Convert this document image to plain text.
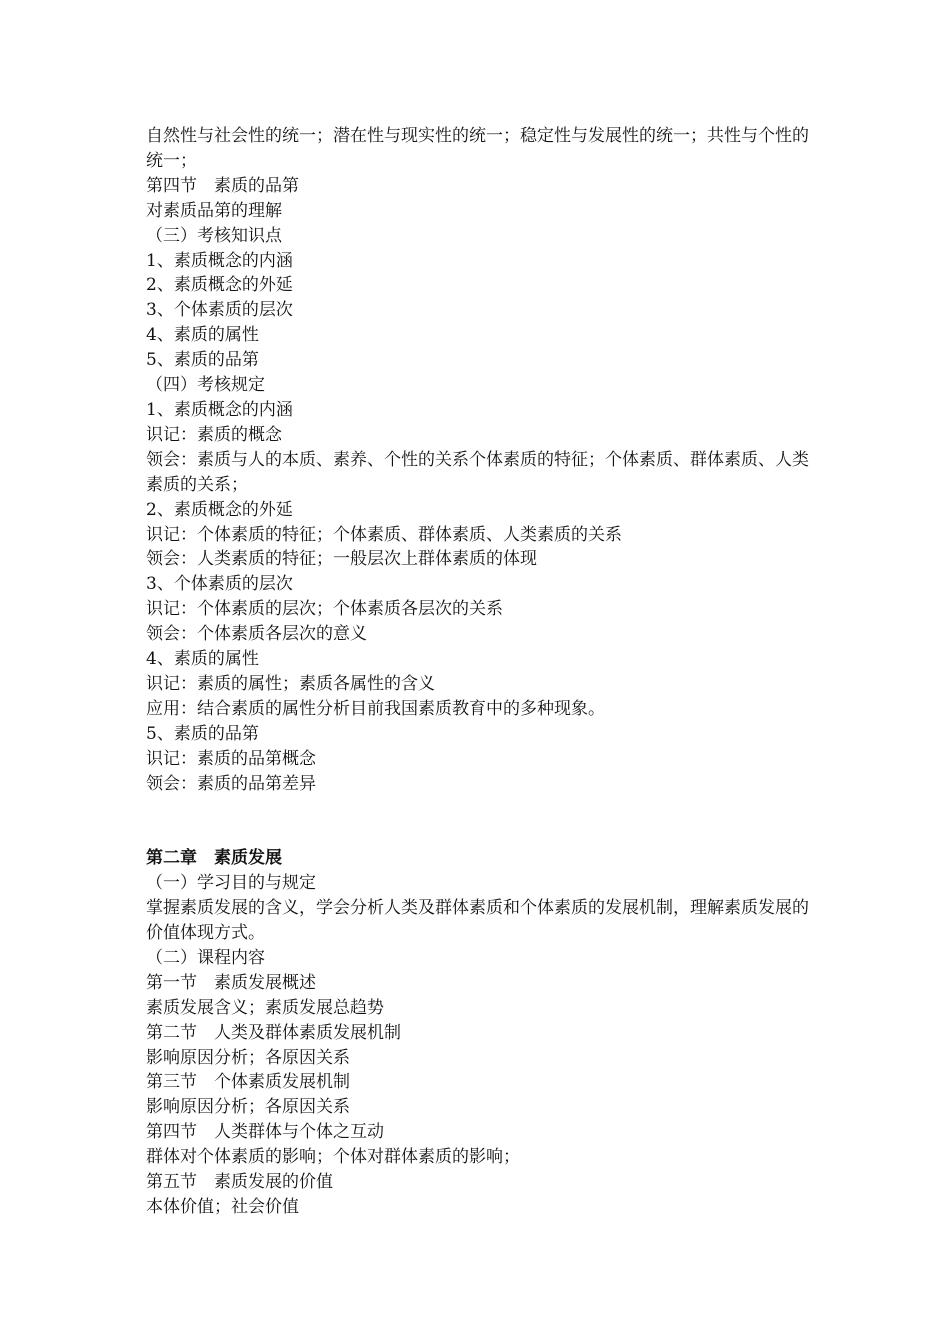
自然性与社会性的统一；潜在性与现实性的统一；稳定性与发展性的统一；共性与个性的统一；
第四节　素质的品第
对素质品第的理解
（三）考核知识点
1、素质概念的内涵
2、素质概念的外延
3、个体素质的层次
4、素质的属性
5、素质的品第
（四）考核规定
1、素质概念的内涵
识记：素质的概念
领会：素质与人的本质、素养、个性的关系个体素质的特征；个体素质、群体素质、人类素质的关系；
2、素质概念的外延
识记：个体素质的特征；个体素质、群体素质、人类素质的关系
领会：人类素质的特征；一般层次上群体素质的体现
3、个体素质的层次
识记：个体素质的层次；个体素质各层次的关系
领会：个体素质各层次的意义
4、素质的属性
识记：素质的属性；素质各属性的含义
应用：结合素质的属性分析目前我国素质教育中的多种现象。
5、素质的品第
识记：素质的品第概念
领会：素质的品第差异
第二章　素质发展
（一）学习目的与规定
掌握素质发展的含义，学会分析人类及群体素质和个体素质的发展机制，理解素质发展的价值体现方式。
（二）课程内容
第一节　素质发展概述
素质发展含义；素质发展总趋势
第二节　人类及群体素质发展机制
影响原因分析；各原因关系
第三节　个体素质发展机制
影响原因分析；各原因关系
第四节　人类群体与个体之互动
群体对个体素质的影响；个体对群体素质的影响；
第五节　素质发展的价值
本体价值；社会价值
